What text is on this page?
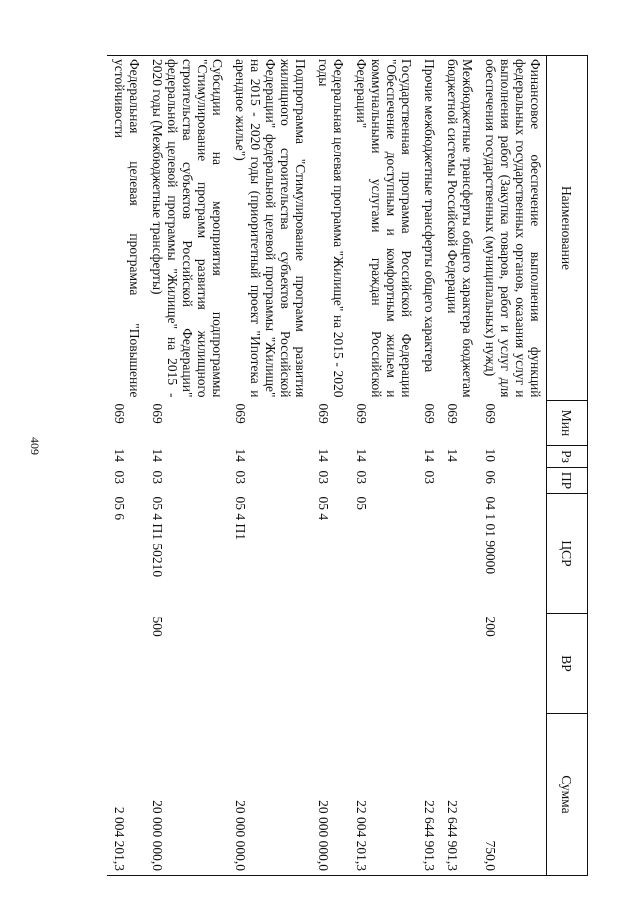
409
Наименование	Мин	Рз	ПР	ЦСР	ВР	Сумма
Финансовое обеспечение выполнения функций федеральных государственных органов, оказания услуг и выполнения работ (Закупка товаров, работ и услуг для обеспечения государственных (муниципальных) нужд)	069	10	06	04 1 01 90000	200	750,0
Межбюджетные трансферты общего характера бюджетам бюджетной системы Российской Федерации	069	14				22 644 901,3
Прочие межбюджетные трансферты общего характера	069	14	03			22 644 901,3
Государственная программа Российской Федерации "Обеспечение доступным и комфортным жильем и коммунальными услугами граждан Российской Федерации"	069	14	03	05		22 004 201,3
Федеральная целевая программа "Жилище" на 2015 - 2020 годы	069	14	03	05 4		20 000 000,0
Подпрограмма "Стимулирование программ развития жилищного строительства субъектов Российской Федерации" федеральной целевой программы "Жилище" на 2015 - 2020 годы (приоритетный проект "Ипотека и арендное жилье")	069	14	03	05 4 П1		20 000 000,0
Субсидии на мероприятия подпрограммы "Стимулирование программ развития жилищного строительства субъектов Российской Федерации" федеральной целевой программы "Жилище" на 2015 - 2020 годы (Межбюджетные трансферты)	069	14	03	05 4 П1 50210	500	20 000 000,0
Федеральная целевая программа "Повышение устойчивости	069	14	03	05 6		2 004 201,3
